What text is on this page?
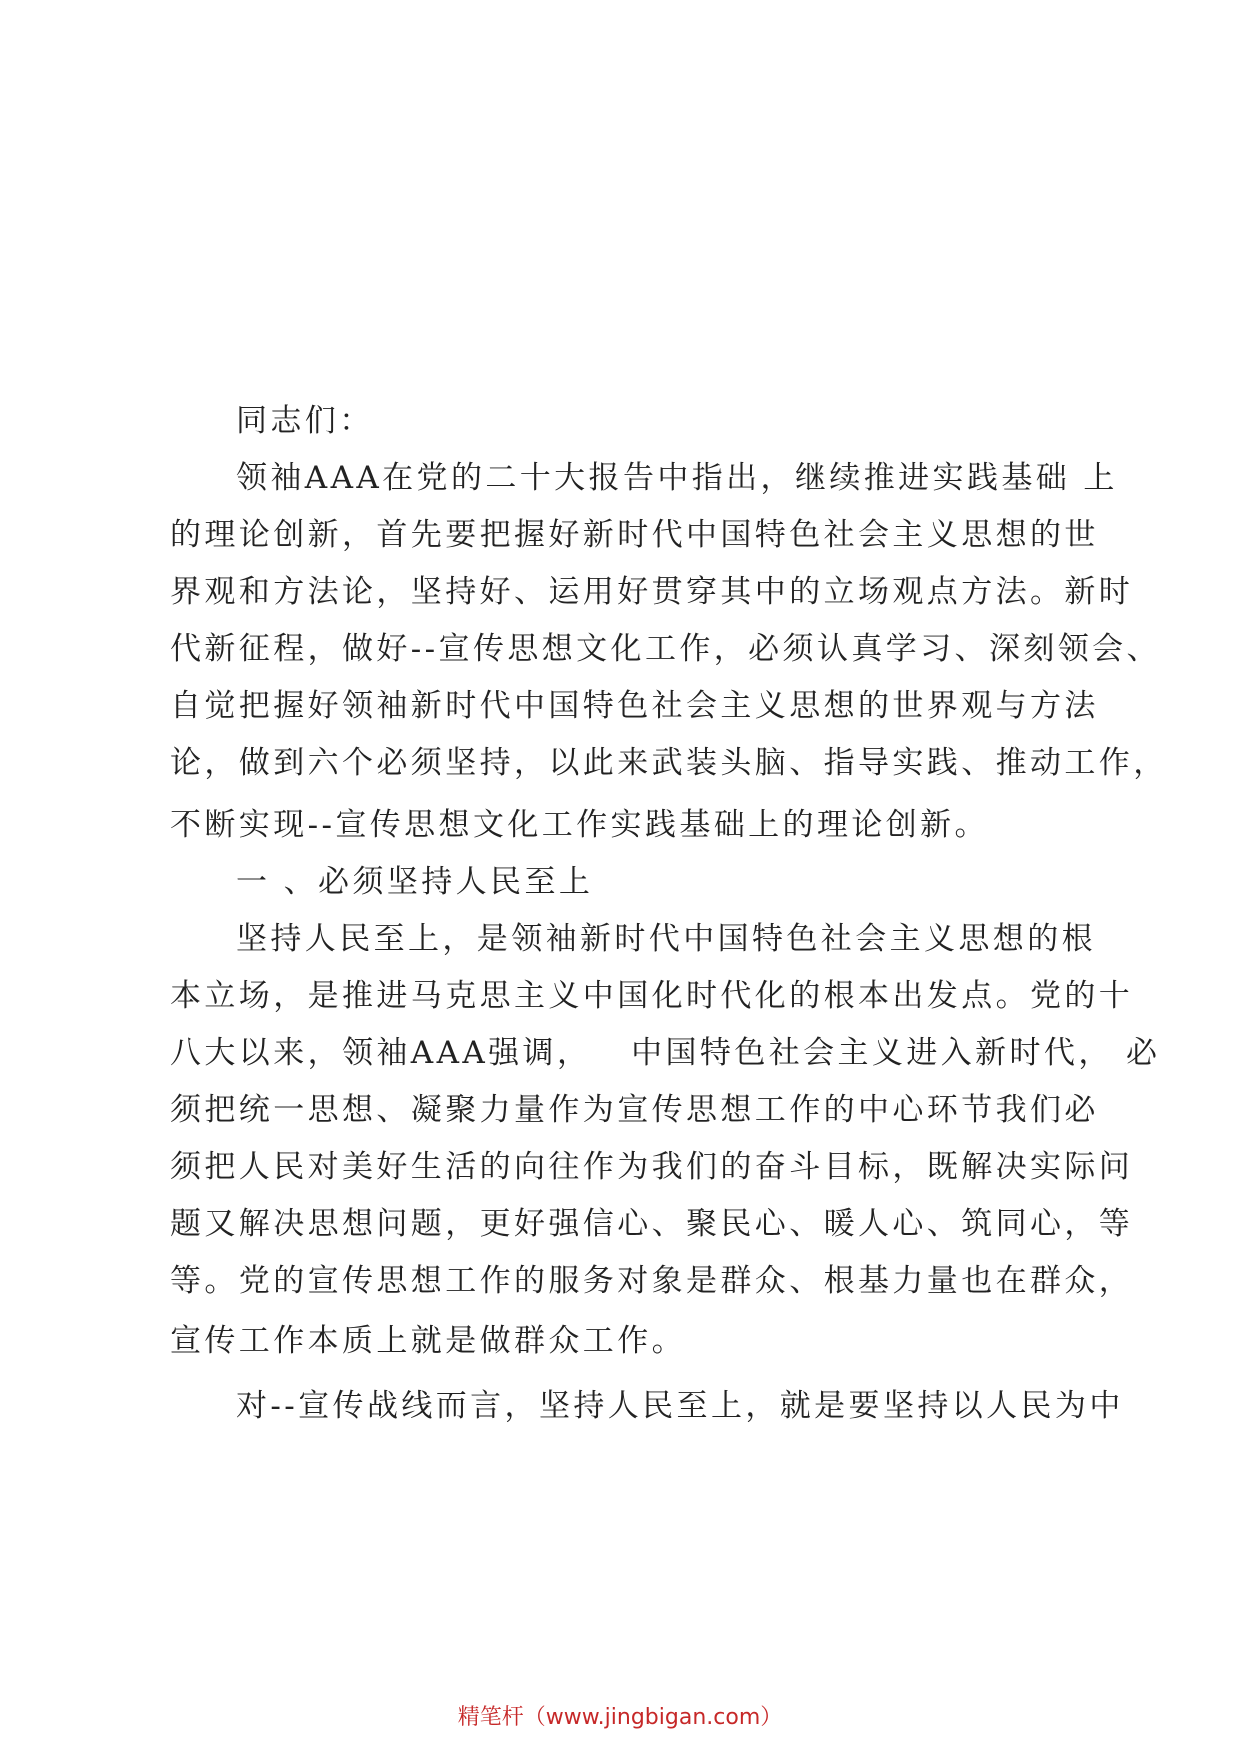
同志们：
领袖AAA在党的二十大报告中指出，继续推进实践基础 上
的理论创新，首先要把握好新时代中国特色社会主义思想的世
界观和方法论，坚持好、运用好贯穿其中的立场观点方法。新时
代新征程，做好--宣传思想文化工作，必须认真学习、深刻领会、
自觉把握好领袖新时代中国特色社会主义思想的世界观与方法
论，做到六个必须坚持，以此来武装头脑、指导实践、推动工作，
不断实现--宣传思想文化工作实践基础上的理论创新。
一 、必须坚持人民至上
坚持人民至上，是领袖新时代中国特色社会主义思想的根
本立场，是推进马克思主义中国化时代化的根本出发点。党的十
八大以来，领袖AAA强调，   中国特色社会主义进入新时代， 必
须把统一思想、凝聚力量作为宣传思想工作的中心环节我们必
须把人民对美好生活的向往作为我们的奋斗目标，既解决实际问
题又解决思想问题，更好强信心、聚民心、暖人心、筑同心，等
等。党的宣传思想工作的服务对象是群众、根基力量也在群众，
宣传工作本质上就是做群众工作。
对--宣传战线而言，坚持人民至上，就是要坚持以人民为中
精笔杆（www.jingbigan.com）
